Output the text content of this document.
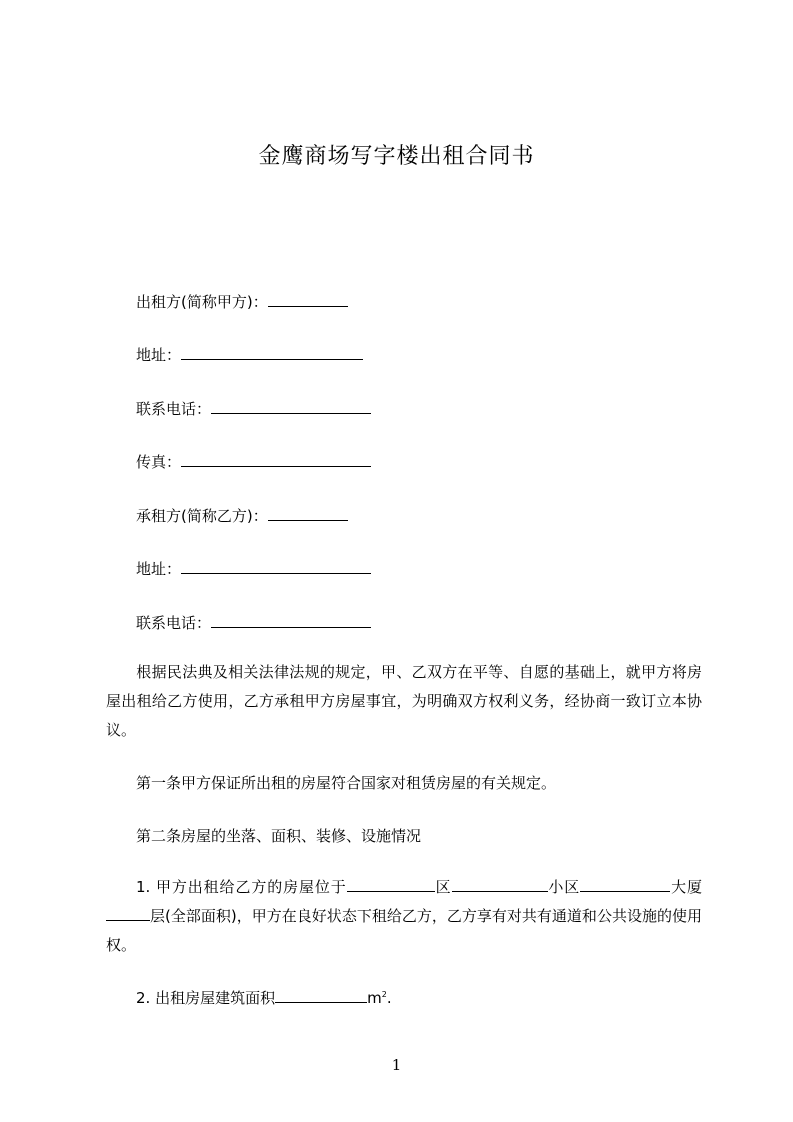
金鹰商场写字楼出租合同书
出租方(简称甲方)：
地址：
联系电话：
传真：
承租方(简称乙方)：
地址：
联系电话：
根据民法典及相关法律法规的规定，甲、乙双方在平等、自愿的基础上，就甲方将房屋出租给乙方使用，乙方承租甲方房屋事宜，为明确双方权利义务，经协商一致订立本协议。
第一条甲方保证所出租的房屋符合国家对租赁房屋的有关规定。
第二条房屋的坐落、面积、装修、设施情况
1. 甲方出租给乙方的房屋位于	区	小区	大厦层(全部面积)，甲方在良好状态下租给乙方，乙方享有对共有通道和公共设施的使用权。
2. 出租房屋建筑面积	$m^2$.
1
